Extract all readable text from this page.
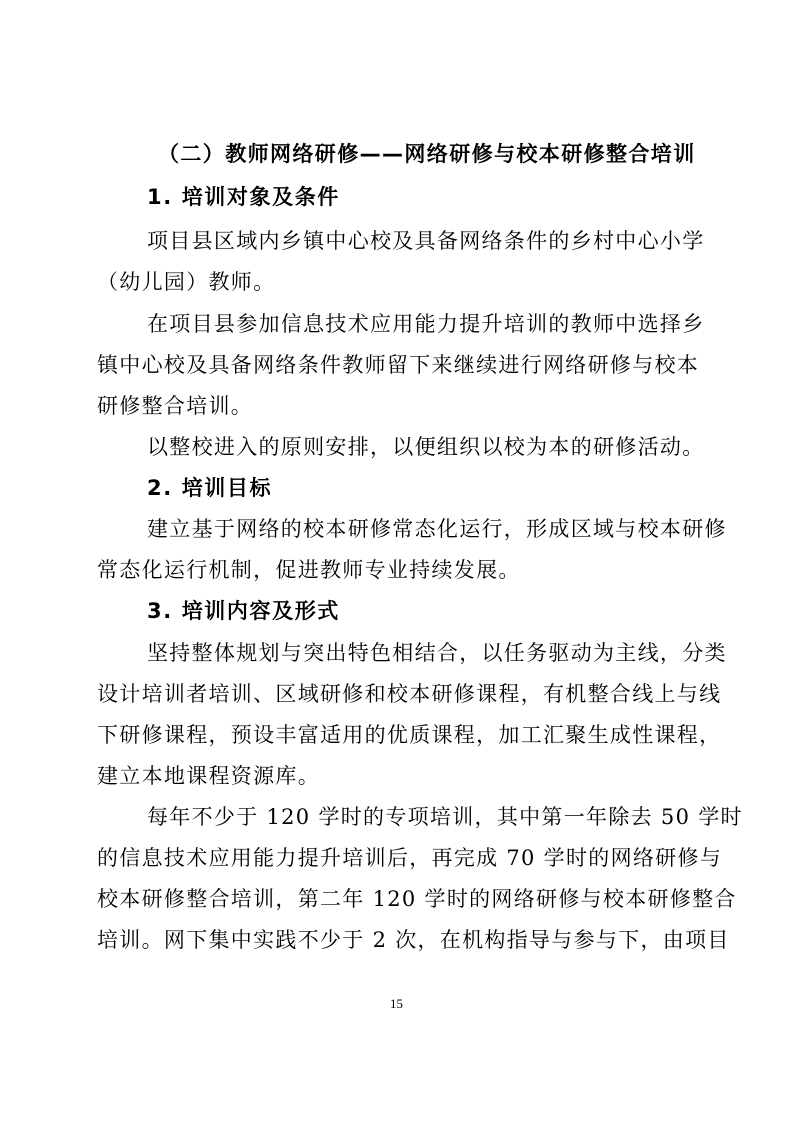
（二）教师网络研修——网络研修与校本研修整合培训
1. 培训对象及条件
项目县区域内乡镇中心校及具备网络条件的乡村中心小学
（幼儿园）教师。
在项目县参加信息技术应用能力提升培训的教师中选择乡
镇中心校及具备网络条件教师留下来继续进行网络研修与校本
研修整合培训。
以整校进入的原则安排，以便组织以校为本的研修活动。
2. 培训目标
建立基于网络的校本研修常态化运行，形成区域与校本研修
常态化运行机制，促进教师专业持续发展。
3. 培训内容及形式
坚持整体规划与突出特色相结合，以任务驱动为主线，分类
设计培训者培训、区域研修和校本研修课程，有机整合线上与线
下研修课程，预设丰富适用的优质课程，加工汇聚生成性课程，
建立本地课程资源库。
每年不少于 120 学时的专项培训，其中第一年除去 50 学时
的信息技术应用能力提升培训后，再完成 70 学时的网络研修与
校本研修整合培训，第二年 120 学时的网络研修与校本研修整合
培训。网下集中实践不少于 2 次，在机构指导与参与下，由项目
15
